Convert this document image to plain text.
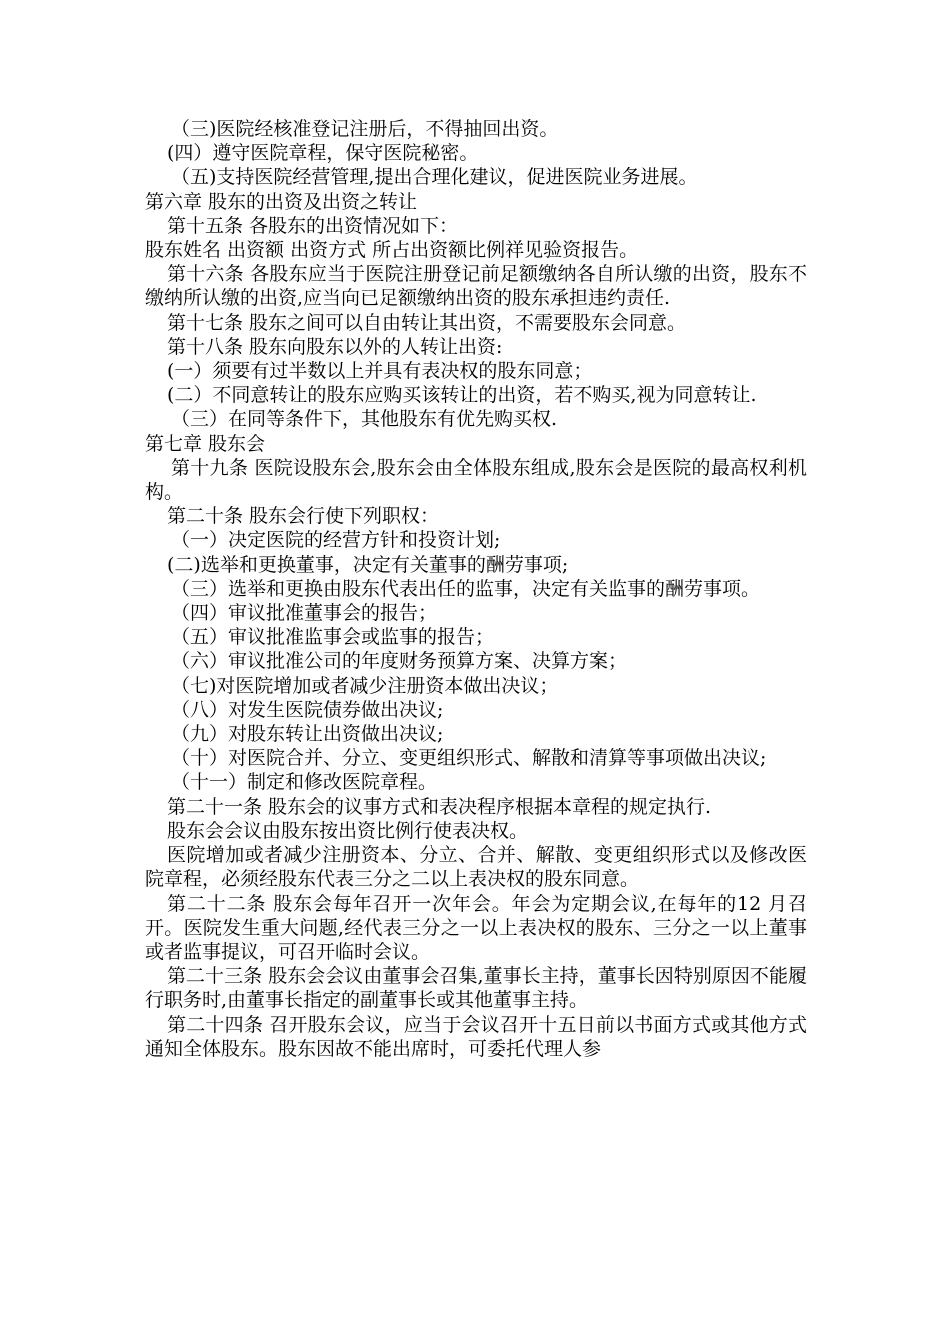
（三)医院经核准登记注册后，不得抽回出资。

(四）遵守医院章程，保守医院秘密。

（五)支持医院经营管理,提出合理化建议，促进医院业务进展。

第六章 股东的出资及出资之转让

第十五条 各股东的出资情况如下：

股东姓名 出资额 出资方式 所占出资额比例祥见验资报告。

第十六条 各股东应当于医院注册登记前足额缴纳各自所认缴的出资，股东不缴纳所认缴的出资,应当向已足额缴纳出资的股东承担违约责任.

第十七条 股东之间可以自由转让其出资，不需要股东会同意。

第十八条 股东向股东以外的人转让出资:

(一）须要有过半数以上并具有表决权的股东同意；

(二）不同意转让的股东应购买该转让的出资，若不购买,视为同意转让.

（三）在同等条件下，其他股东有优先购买权.

第七章 股东会

第十九条 医院设股东会,股东会由全体股东组成,股东会是医院的最高权利机构。

第二十条 股东会行使下列职权：

（一）决定医院的经营方针和投资计划;

(二)选举和更换董事，决定有关董事的酬劳事项;

（三）选举和更换由股东代表出任的监事，决定有关监事的酬劳事项。

（四）审议批准董事会的报告；

（五）审议批准监事会或监事的报告；

（六）审议批准公司的年度财务预算方案、决算方案；

（七)对医院增加或者减少注册资本做出决议；

（八）对发生医院债券做出决议;

（九）对股东转让出资做出决议;

（十）对医院合并、分立、变更组织形式、解散和清算等事项做出决议;

（十一）制定和修改医院章程。

第二十一条 股东会的议事方式和表决程序根据本章程的规定执行.

股东会会议由股东按出资比例行使表决权。

医院增加或者减少注册资本、分立、合并、解散、变更组织形式以及修改医院章程，必须经股东代表三分之二以上表决权的股东同意。

第二十二条 股东会每年召开一次年会。年会为定期会议,在每年的12 月召开。医院发生重大问题,经代表三分之一以上表决权的股东、三分之一以上董事或者监事提议，可召开临时会议。

第二十三条 股东会会议由董事会召集,董事长主持，董事长因特别原因不能履行职务时,由董事长指定的副董事长或其他董事主持。

第二十四条 召开股东会议，应当于会议召开十五日前以书面方式或其他方式通知全体股东。股东因故不能出席时，可委托代理人参
